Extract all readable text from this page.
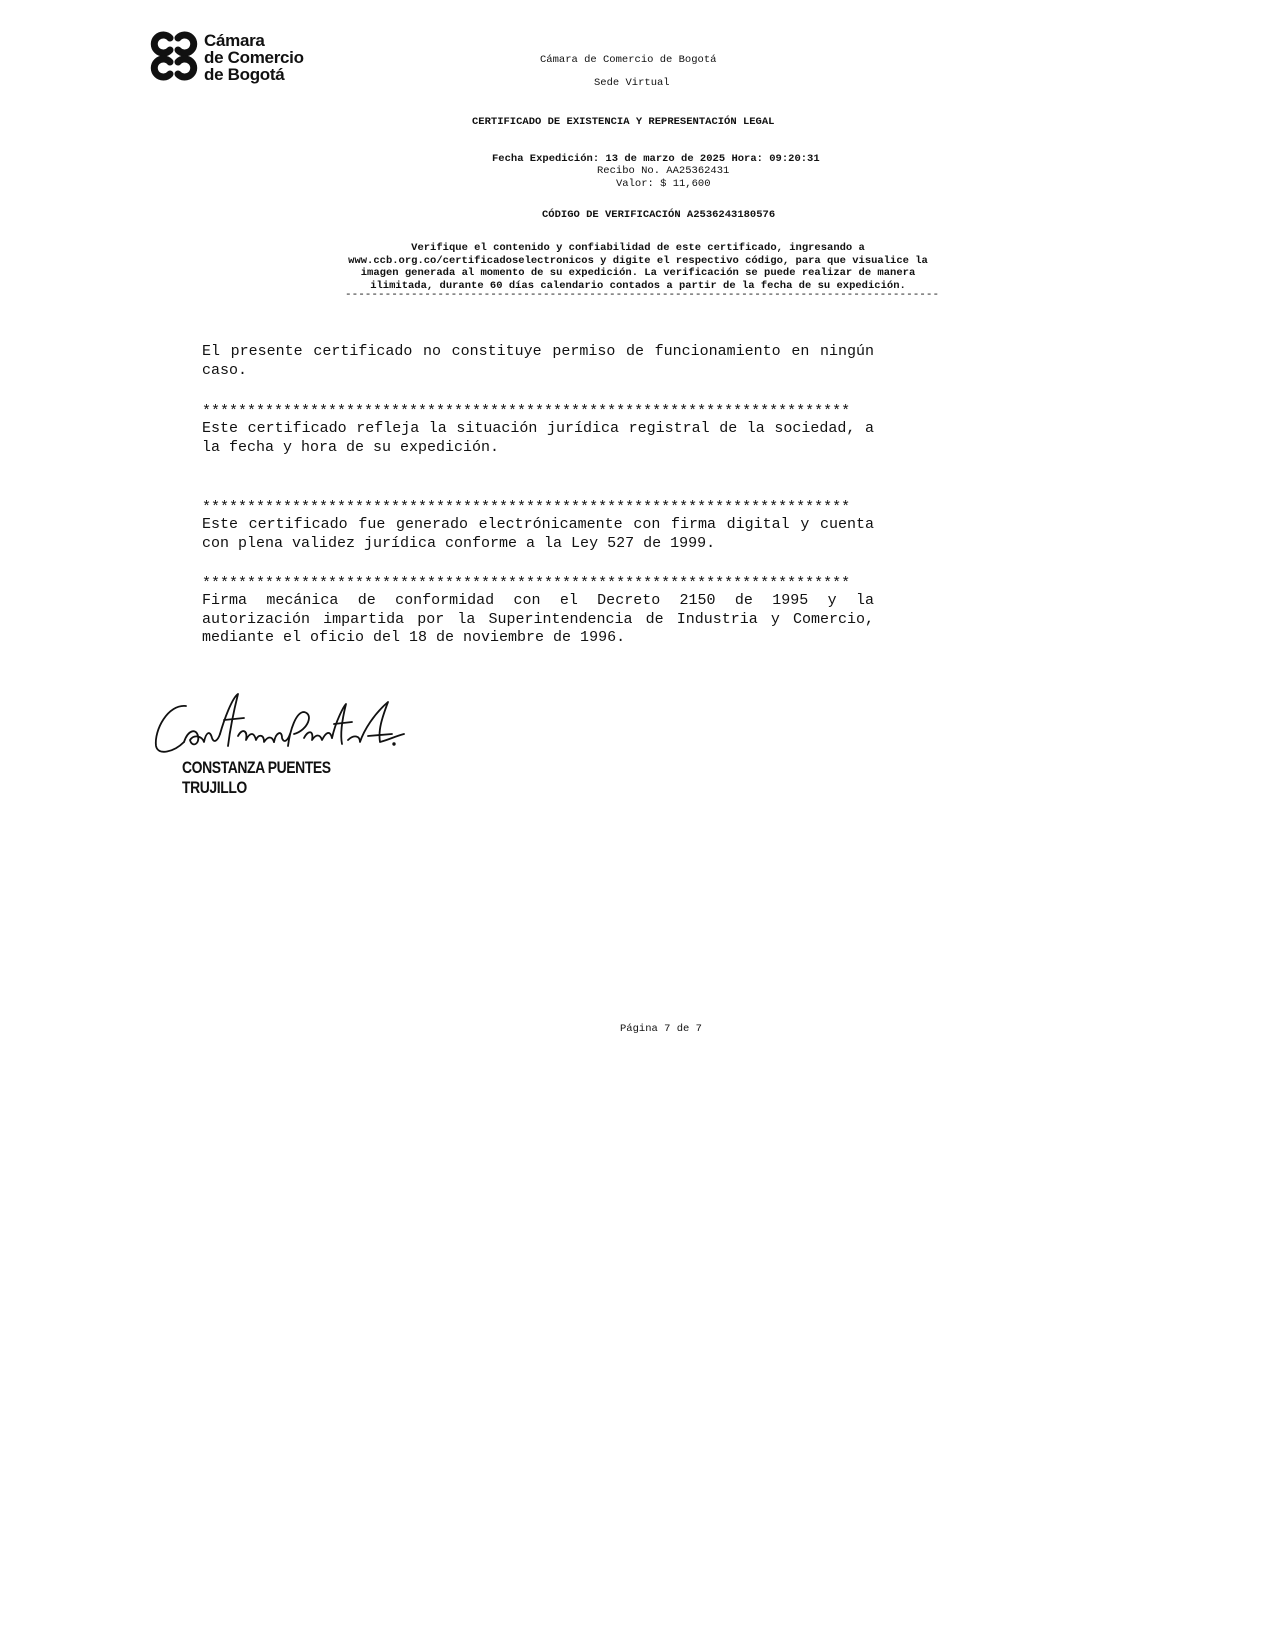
Cámara
de Comercio
de Bogotá
Cámara de Comercio de Bogotá
Sede Virtual
CERTIFICADO DE EXISTENCIA Y REPRESENTACIÓN LEGAL
Fecha Expedición: 13 de marzo de 2025 Hora: 09:20:31
Recibo No. AA25362431
Valor: $ 11,600
CÓDIGO DE VERIFICACIÓN A2536243180576
Verifique el contenido y confiabilidad de este certificado, ingresando a
www.ccb.org.co/certificadoselectronicos y digite el respectivo código, para que visualice la
imagen generada al momento de su expedición. La verificación se puede realizar de manera
ilimitada, durante 60 días calendario contados a partir de la fecha de su expedición.
------------------------------------------------------------------------------------------
El presente certificado no constituye permiso de funcionamiento en ningún caso.
************************************************************************
Este certificado refleja la situación jurídica registral de la sociedad, a la fecha y hora de su expedición.
************************************************************************
Este certificado fue generado electrónicamente con firma digital y cuenta con plena validez jurídica conforme a la Ley 527 de 1999.
************************************************************************
Firma mecánica de conformidad con el Decreto 2150 de 1995 y la autorización impartida por la Superintendencia de Industria y Comercio, mediante el oficio del 18 de noviembre de 1996.
CONSTANZA PUENTES TRUJILLO
Página 7 de 7
